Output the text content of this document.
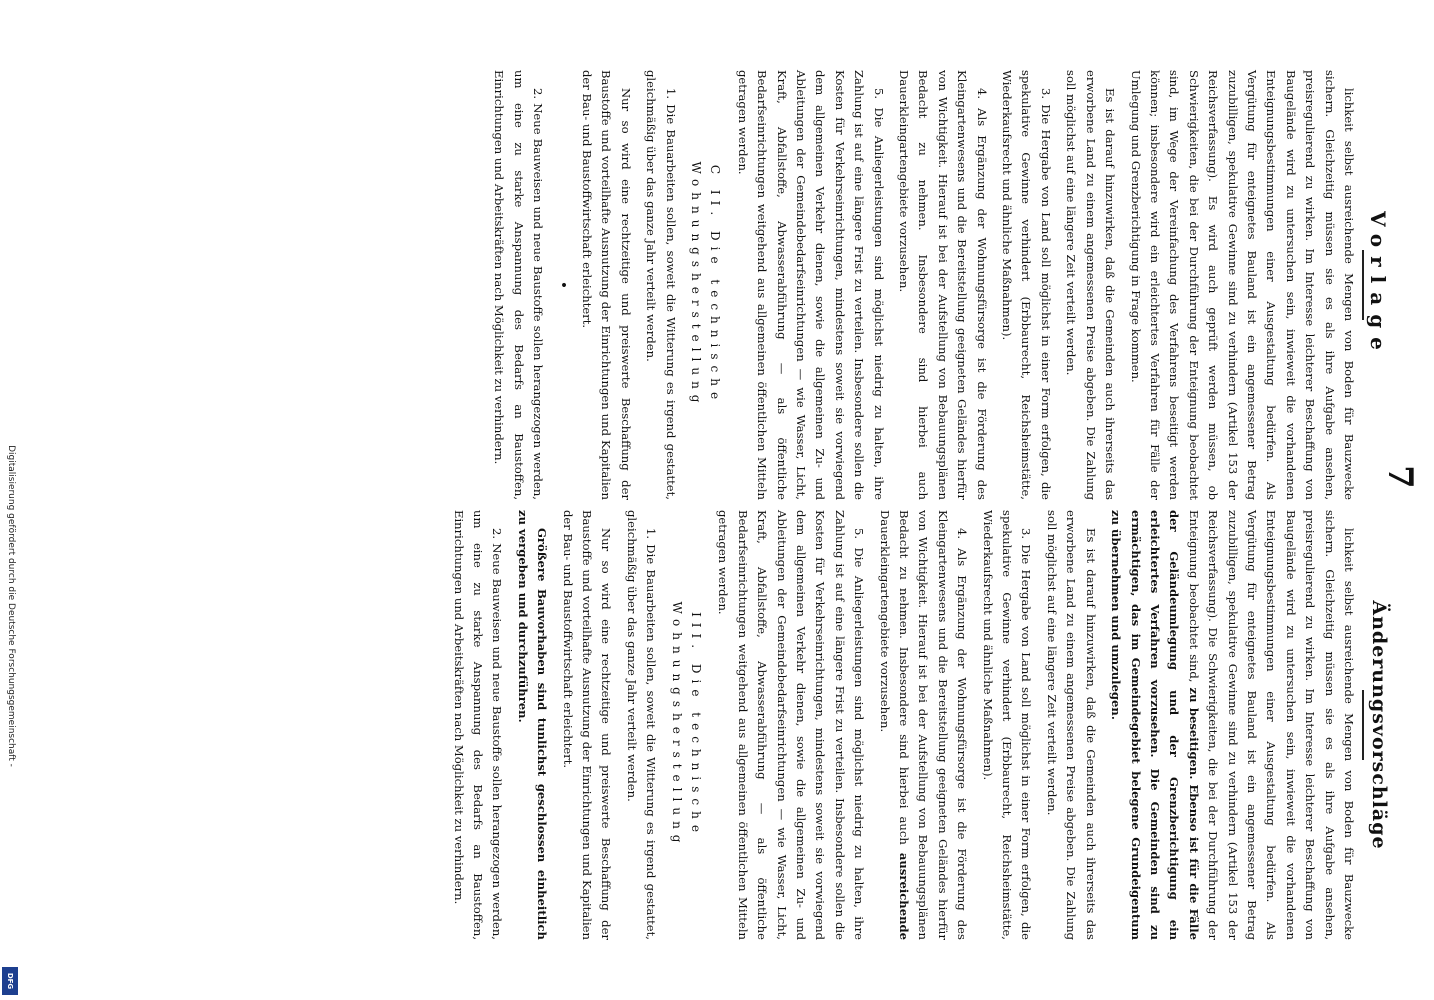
7
Vorlage
Änderungsvorschläge

lichkeit selbst ausreichende Mengen von Boden für Bauzwecke sichern. Gleichzeitig müssen sie es als ihre Aufgabe ansehen, preisregulierend zu wirken. Im Interesse leichterer Beschaffung von Baugelände wird zu untersuchen sein, inwieweit die vorhandenen Enteignungsbestimmungen einer Ausgestaltung bedürfen. Als Vergütung für enteignetes Bauland ist ein angemessener Betrag zuzubilligen, spekulative Gewinne sind zu verhindern (Artikel 153 der Reichsverfassung). Es wird auch geprüft werden müssen, ob Schwierigkeiten, die bei der Durchführung der Enteignung beobachtet sind, im Wege der Vereinfachung des Verfahrens beseitigt werden können; insbesondere wird ein erleichtertes Verfahren für Fälle der Umlegung und Grenzberichtigung in Frage kommen.

Es ist darauf hinzuwirken, daß die Gemeinden auch ihrerseits das erworbene Land zu einem angemessenen Preise abgeben. Die Zahlung soll möglichst auf eine längere Zeit verteilt werden.

3. Die Hergabe von Land soll möglichst in einer Form erfolgen, die spekulative Gewinne verhindert (Erbbaurecht, Reichsheimstätte, Wiederkaufsrecht und ähnliche Maßnahmen).

4. Als Ergänzung der Wohnungsfürsorge ist die Förderung des Kleingartenwesens und die Bereitstellung geeigneten Geländes hierfür von Wichtigkeit. Hierauf ist bei der Aufstellung von Bebauungsplänen Bedacht zu nehmen. Insbesondere sind hierbei auch Dauerkleingartengebiete vorzusehen.

5. Die Anliegerleistungen sind möglichst niedrig zu halten, ihre Zahlung ist auf eine längere Frist zu verteilen. Insbesondere sollen die Kosten für Verkehrseinrichtungen, mindestens soweit sie vorwiegend dem allgemeinen Verkehr dienen, sowie die allgemeinen Zu- und Ableitungen der Gemeindebedarfseinrichtungen — wie Wasser, Licht, Kraft, Abfallstoffe, Abwasserabführung — als öffentliche Bedarfseinrichtungen weitgehend aus allgemeinen öffentlichen Mitteln getragen werden.

C II. Die technische Wohnungsherstellung

1. Die Bauarbeiten sollen, soweit die Witterung es irgend gestattet, gleichmäßig über das ganze Jahr verteilt werden.

Nur so wird eine rechtzeitige und preiswerte Beschaffung der Baustoffe und vorteilhafte Ausnutzung der Einrichtungen und Kapitalien der Bau- und Baustoffwirtschaft erleichtert.

•

2. Neue Bauweisen und neue Baustoffe sollen herangezogen werden, um eine zu starke Anspannung des Bedarfs an Baustoffen, Einrichtungen und Arbeitskräften nach Möglichkeit zu verhindern.

lichkeit selbst ausreichende Mengen von Boden für Bauzwecke sichern. Gleichzeitig müssen sie es als ihre Aufgabe ansehen, preisregulierend zu wirken. Im Interesse leichterer Beschaffung von Baugelände wird zu untersuchen sein, inwieweit die vorhandenen Enteignungsbestimmungen einer Ausgestaltung bedürfen. Als Vergütung für enteignetes Bauland ist ein angemessener Betrag zuzubilligen, spekulative Gewinne sind zu verhindern (Artikel 153 der Reichsverfassung). Die Schwierigkeiten, die bei der Durchführung der Enteignung beobachtet sind, zu beseitigen. Ebenso ist für die Fälle der Geländeumlegung und der Grenzberichtigung ein erleichtertes Verfahren vorzusehen. Die Gemeinden sind zu ermächtigen, das im Gemeindegebiet belegene Grundeigentum zu übernehmen und umzulegen.

Es ist darauf hinzuwirken, daß die Gemeinden auch ihrerseits das erworbene Land zu einem angemessenen Preise abgeben. Die Zahlung soll möglichst auf eine längere Zeit verteilt werden.

3. Die Hergabe von Land soll möglichst in einer Form erfolgen, die spekulative Gewinne verhindert (Erbbaurecht, Reichsheimstätte, Wiederkaufsrecht und ähnliche Maßnahmen).

4. Als Ergänzung der Wohnungsfürsorge ist die Förderung des Kleingartenwesens und die Bereitstellung geeigneten Geländes hierfür von Wichtigkeit. Hierauf ist bei der Aufstellung von Bebauungsplänen Bedacht zu nehmen. Insbesondere sind hierbei auch ausreichende Dauerkleingartengebiete vorzusehen.

5. Die Anliegerleistungen sind möglichst niedrig zu halten, ihre Zahlung ist auf eine längere Frist zu verteilen. Insbesondere sollen die Kosten für Verkehrseinrichtungen, mindestens soweit sie vorwiegend dem allgemeinen Verkehr dienen, sowie die allgemeinen Zu- und Ableitungen der Gemeindebedarfseinrichtungen — wie Wasser, Licht, Kraft, Abfallstoffe, Abwasserabführung — als öffentliche Bedarfseinrichtungen weitgehend aus allgemeinen öffentlichen Mitteln getragen werden.

III. Die technische Wohnungsherstellung

1. Die Bauarbeiten sollen, soweit die Witterung es irgend gestattet, gleichmäßig über das ganze Jahr verteilt werden.

Nur so wird eine rechtzeitige und preiswerte Beschaffung der Baustoffe und vorteilhafte Ausnutzung der Einrichtungen und Kapitalien der Bau- und Baustoffwirtschaft erleichtert.

Größere Bauvorhaben sind tunlichst geschlossen einheitlich zu vergeben und durchzuführen.

2. Neue Bauweisen und neue Baustoffe sollen herangezogen werden, um eine zu starke Anspannung des Bedarfs an Baustoffen, Einrichtungen und Arbeitskräften nach Möglichkeit zu verhindern.

Digitalisierung gefördert durch die Deutsche Forschungsgemeinschaft -
DFG
